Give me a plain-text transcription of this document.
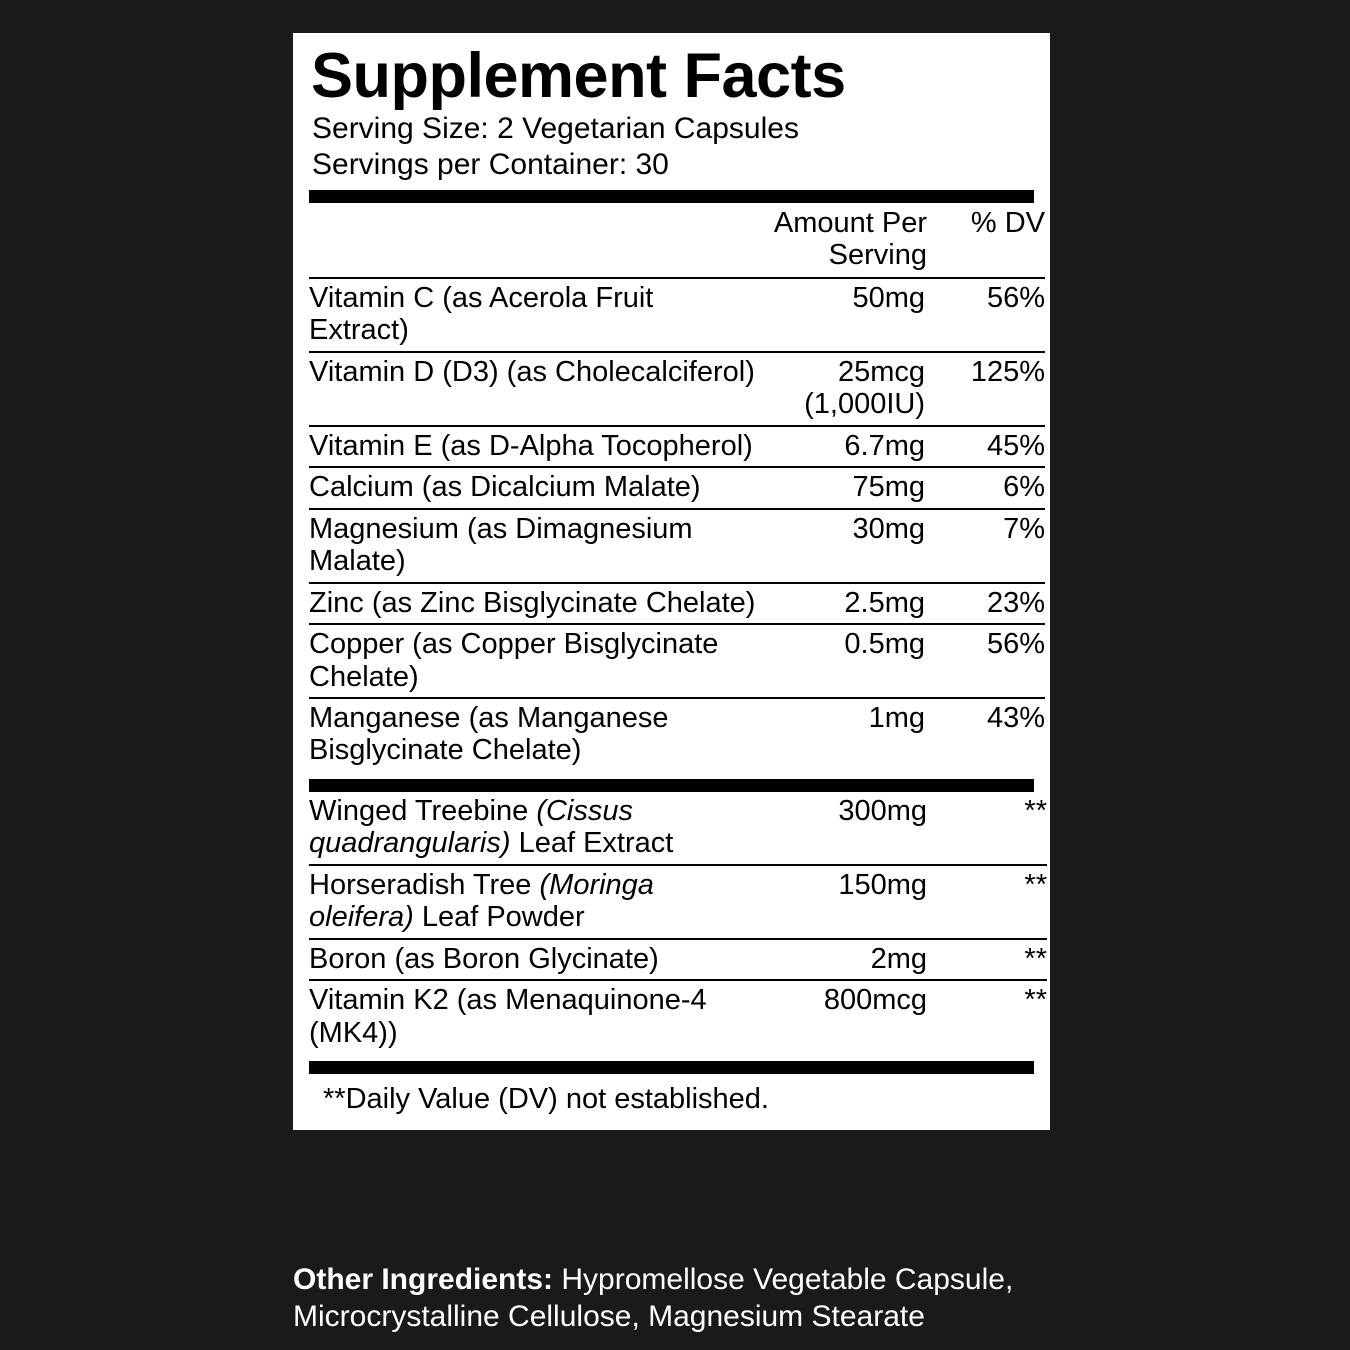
Supplement Facts
Serving Size: 2 Vegetarian Capsules
Servings per Container: 30
	Amount Per Serving	% DV
Vitamin C (as Acerola Fruit Extract)	50mg	56%
Vitamin D (D3) (as Cholecalciferol)	25mcg (1,000IU)	125%
Vitamin E (as D-Alpha Tocopherol)	6.7mg	45%
Calcium (as Dicalcium Malate)	75mg	6%
Magnesium (as Dimagnesium Malate)	30mg	7%
Zinc (as Zinc Bisglycinate Chelate)	2.5mg	23%
Copper (as Copper Bisglycinate Chelate)	0.5mg	56%
Manganese (as Manganese Bisglycinate Chelate)	1mg	43%
Winged Treebine (Cissus quadrangularis) Leaf Extract	300mg	**
Horseradish Tree (Moringa oleifera) Leaf Powder	150mg	**
Boron (as Boron Glycinate)	2mg	**
Vitamin K2 (as Menaquinone-4 (MK4))	800mcg	**
**Daily Value (DV) not established.
Other Ingredients: Hypromellose Vegetable Capsule, Microcrystalline Cellulose, Magnesium Stearate
